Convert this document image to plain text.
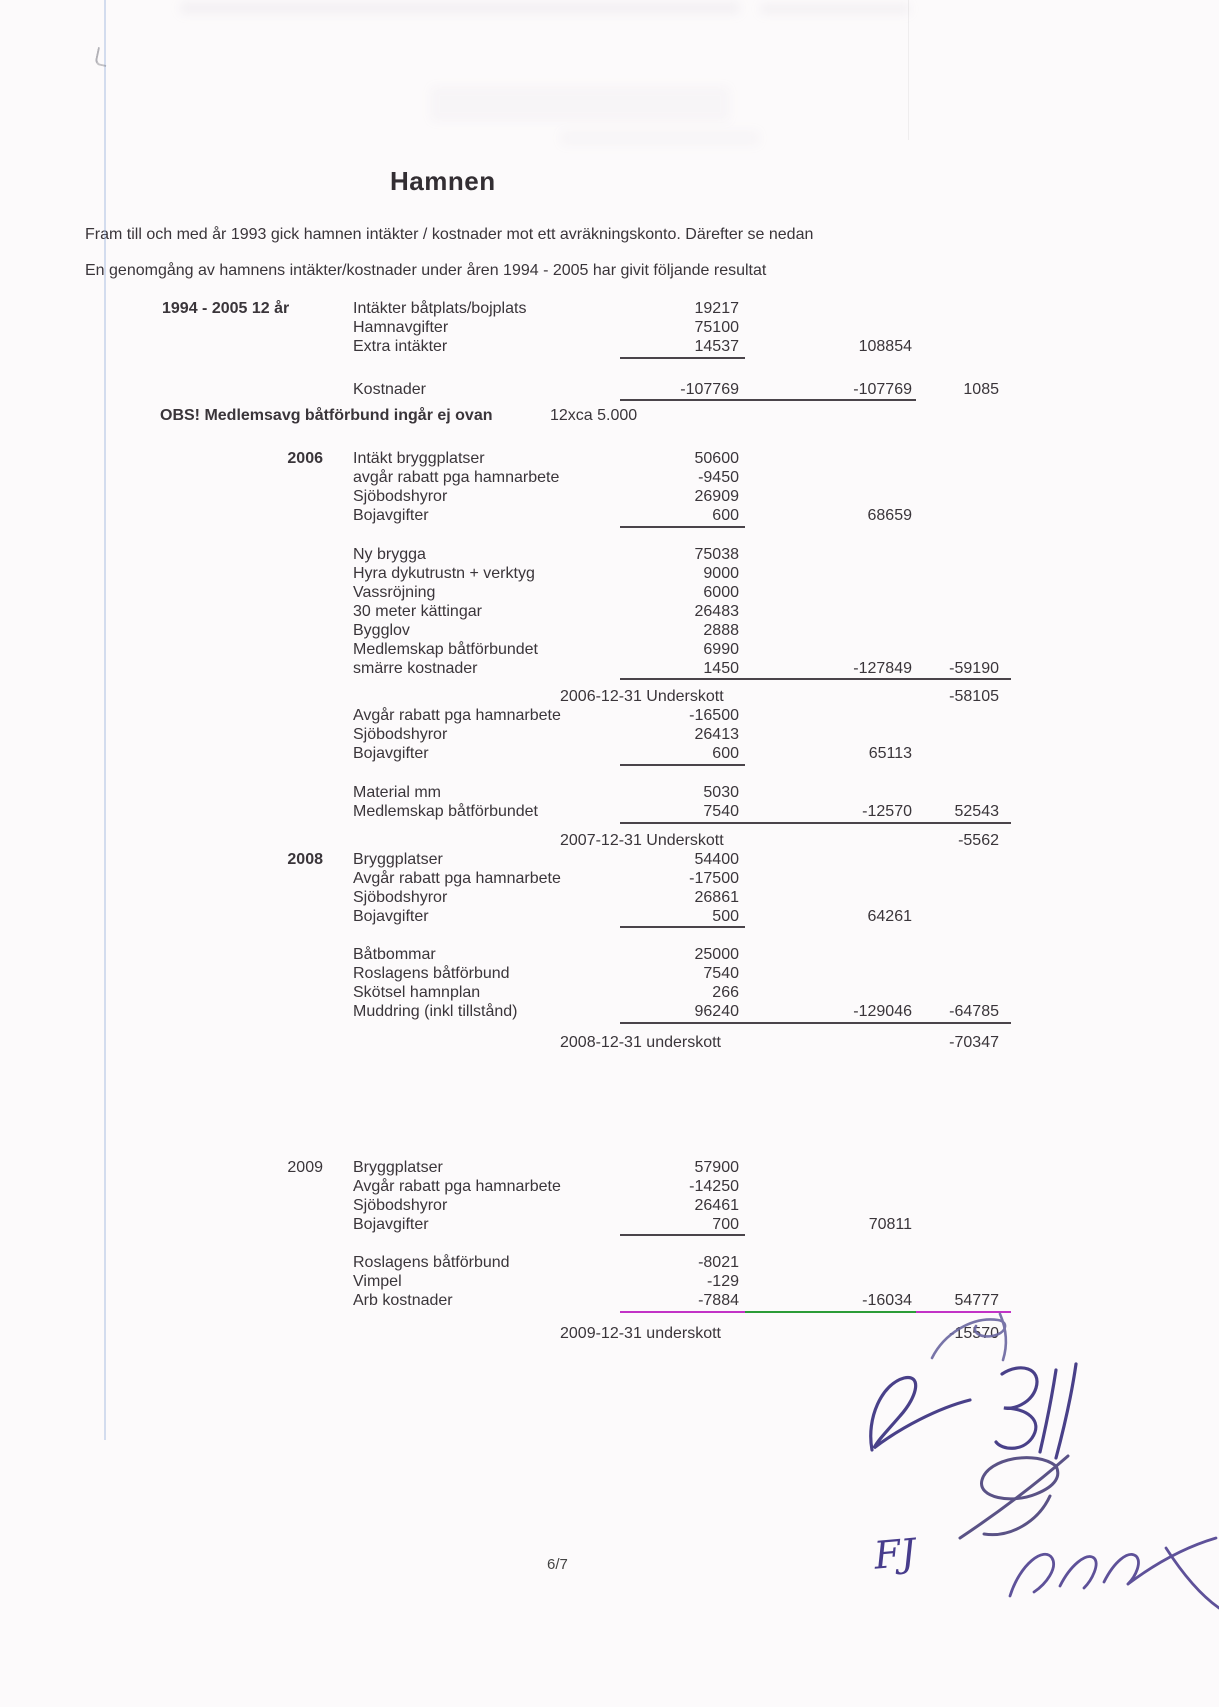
Hamnen
Fram till och med år 1993 gick hamnen intäkter / kostnader mot ett avräkningskonto. Därefter se nedan
En genomgång av hamnens intäkter/kostnader under åren 1994 - 2005 har givit följande resultat
1994 - 2005 12 år	Intäkter båtplats/bojplats	19217
Hamnavgifter	75100
Extra intäkter	14537	108854
Kostnader	-107769	-107769	1085
OBS! Medlemsavg båtförbund ingår ej ovan	12xca 5.000
2006	Intäkt bryggplatser	50600
avgår rabatt pga hamnarbete	-9450
Sjöbodshyror	26909
Bojavgifter	600	68659
Ny brygga	75038
Hyra dykutrustn + verktyg	9000
Vassröjning	6000
30 meter kättingar	26483
Bygglov	2888
Medlemskap båtförbundet	6990
smärre kostnader	1450	-127849	-59190
2006-12-31 Underskott	-58105
Avgår rabatt pga hamnarbete	-16500
Sjöbodshyror	26413
Bojavgifter	600	65113
Material mm	5030
Medlemskap båtförbundet	7540	-12570	52543
2007-12-31 Underskott	-5562
2008	Bryggplatser	54400
Avgår rabatt pga hamnarbete	-17500
Sjöbodshyror	26861
Bojavgifter	500	64261
Båtbommar	25000
Roslagens båtförbund	7540
Skötsel hamnplan	266
Muddring (inkl tillstånd)	96240	-129046	-64785
2008-12-31 underskott	-70347
2009	Bryggplatser	57900
Avgår rabatt pga hamnarbete	-14250
Sjöbodshyror	26461
Bojavgifter	700	70811
Roslagens båtförbund	-8021
Vimpel	-129
Arb kostnader	-7884	-16034	54777
2009-12-31 underskott	-15570
6/7	FJ
